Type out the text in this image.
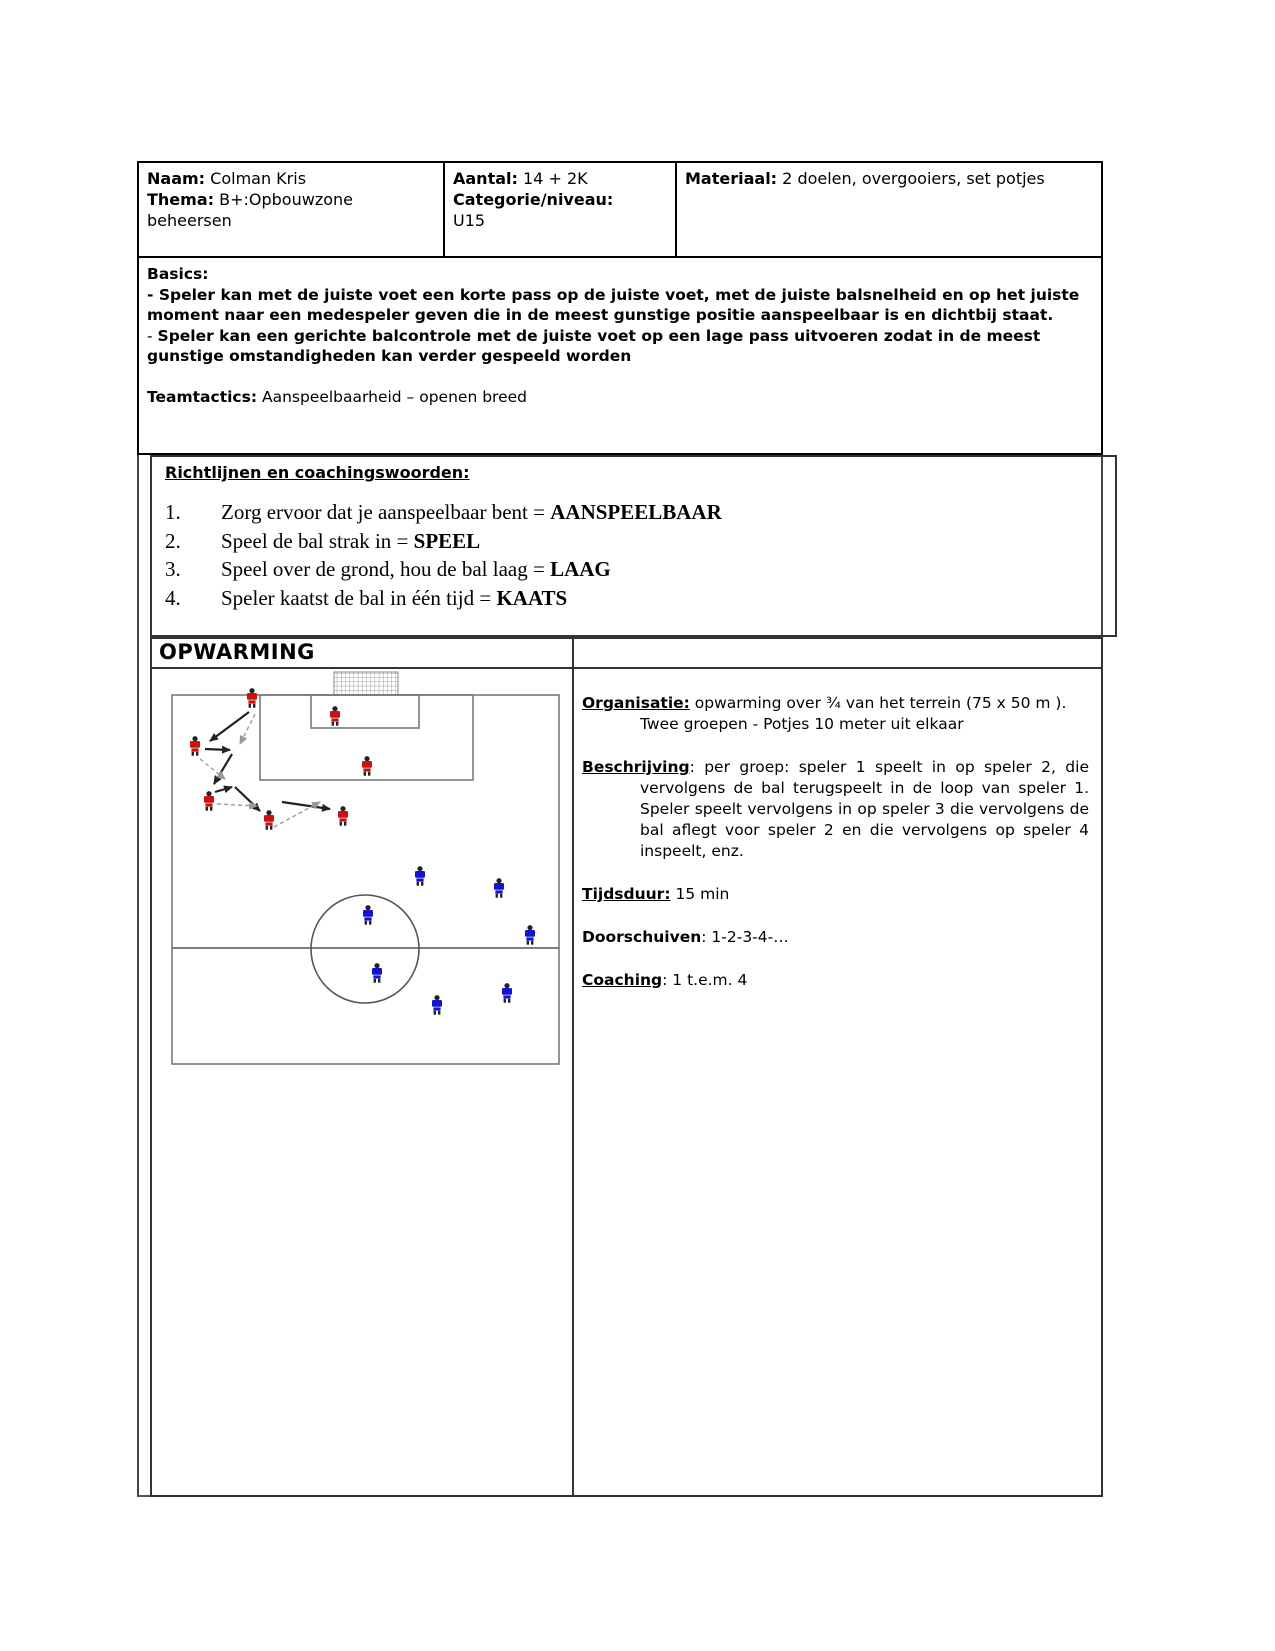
Naam: Colman Kris
Thema: B+:Opbouwzone beheersen
Aantal: 14 + 2K
Categorie/niveau:
U15
Materiaal: 2 doelen, overgooiers, set potjes
Basics:
- Speler kan met de juiste voet een korte pass op de juiste voet, met de juiste balsnelheid en op het juiste moment naar een medespeler geven die in de meest gunstige positie aanspeelbaar is en dichtbij staat.
- Speler kan een gerichte balcontrole met de juiste voet op een lage pass uitvoeren zodat in de meest gunstige omstandigheden kan verder gespeeld worden
Teamtactics: Aanspeelbaarheid – openen breed
Richtlijnen en coachingswoorden:
1. Zorg ervoor dat je aanspeelbaar bent = AANSPEELBAAR
2. Speel de bal strak in = SPEEL
3. Speel over de grond, hou de bal laag = LAAG
4. Speler kaatst de bal in één tijd = KAATS
OPWARMING

Organisatie: opwarming over ¾ van het terrein (75 x 50 m ). Twee groepen - Potjes 10 meter uit elkaar

Beschrijving: per groep: speler 1 speelt in op speler 2, die vervolgens de bal terugspeelt in de loop van speler 1. Speler speelt vervolgens in op speler 3 die vervolgens de bal aflegt voor speler 2 en die vervolgens op speler 4 inspeelt, enz.

Tijdsduur: 15 min

Doorschuiven: 1-2-3-4-…

Coaching: 1 t.e.m. 4
